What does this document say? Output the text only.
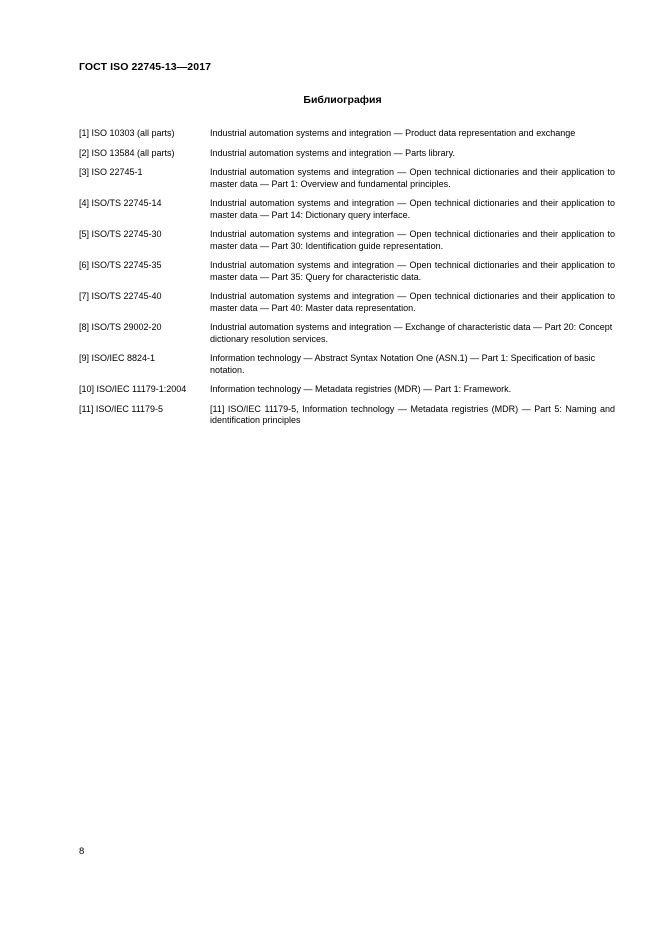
ГОСТ ISO 22745-13—2017
Библиография
[1] ISO 10303 (all parts)	Industrial automation systems and integration — Product data representation and exchange
[2] ISO 13584 (all parts)	Industrial automation systems and integration — Parts library.
[3] ISO 22745-1	Industrial automation systems and integration — Open technical dictionaries and their application to master data — Part 1: Overview and fundamental principles.
[4] ISO/TS 22745-14	Industrial automation systems and integration — Open technical dictionaries and their application to master data — Part 14: Dictionary query interface.
[5] ISO/TS 22745-30	Industrial automation systems and integration — Open technical dictionaries and their application to master data — Part 30: Identification guide representation.
[6] ISO/TS 22745-35	Industrial automation systems and integration — Open technical dictionaries and their application to master data — Part 35: Query for characteristic data.
[7] ISO/TS 22745-40	Industrial automation systems and integration — Open technical dictionaries and their application to master data — Part 40: Master data representation.
[8] ISO/TS 29002-20	Industrial automation systems and integration — Exchange of characteristic data — Part 20: Concept dictionary resolution services.
[9] ISO/IEC 8824-1	Information technology — Abstract Syntax Notation One (ASN.1) — Part 1: Specification of basic notation.
[10] ISO/IEC 11179-1:2004	Information technology — Metadata registries (MDR) — Part 1: Framework.
[11] ISO/IEC 11179-5	[11] ISO/IEC 11179-5, Information technology — Metadata registries (MDR) — Part 5: Naming and identification principles
8
